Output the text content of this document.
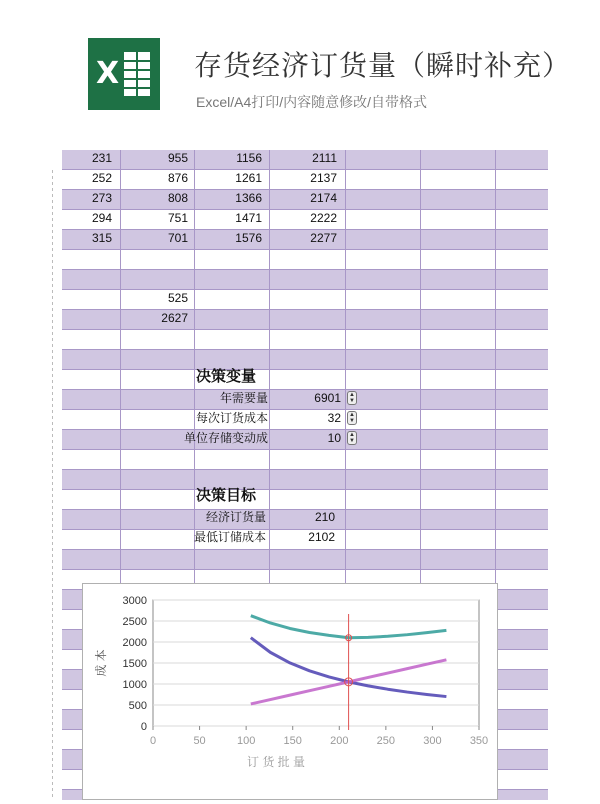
X	存货经济订货量（瞬时补充）
Excel/A4打印/内容随意修改/自带格式
231	955	1156	2111
252	876	1261	2137
273	808	1366	2174
294	751	1471	2222
315	701	1576	2277
525
2627
决策变量
年需要量	6901	▲
▼
每次订货成本	32	▲
▼
单位存储变动成	10	▲
▼
决策目标
经济订货量	210
最低订储成本	2102
0
500
1000
1500
2000
2500
3000
0	50	100	150	200	250	300	350
成 本
订 货 批 量
